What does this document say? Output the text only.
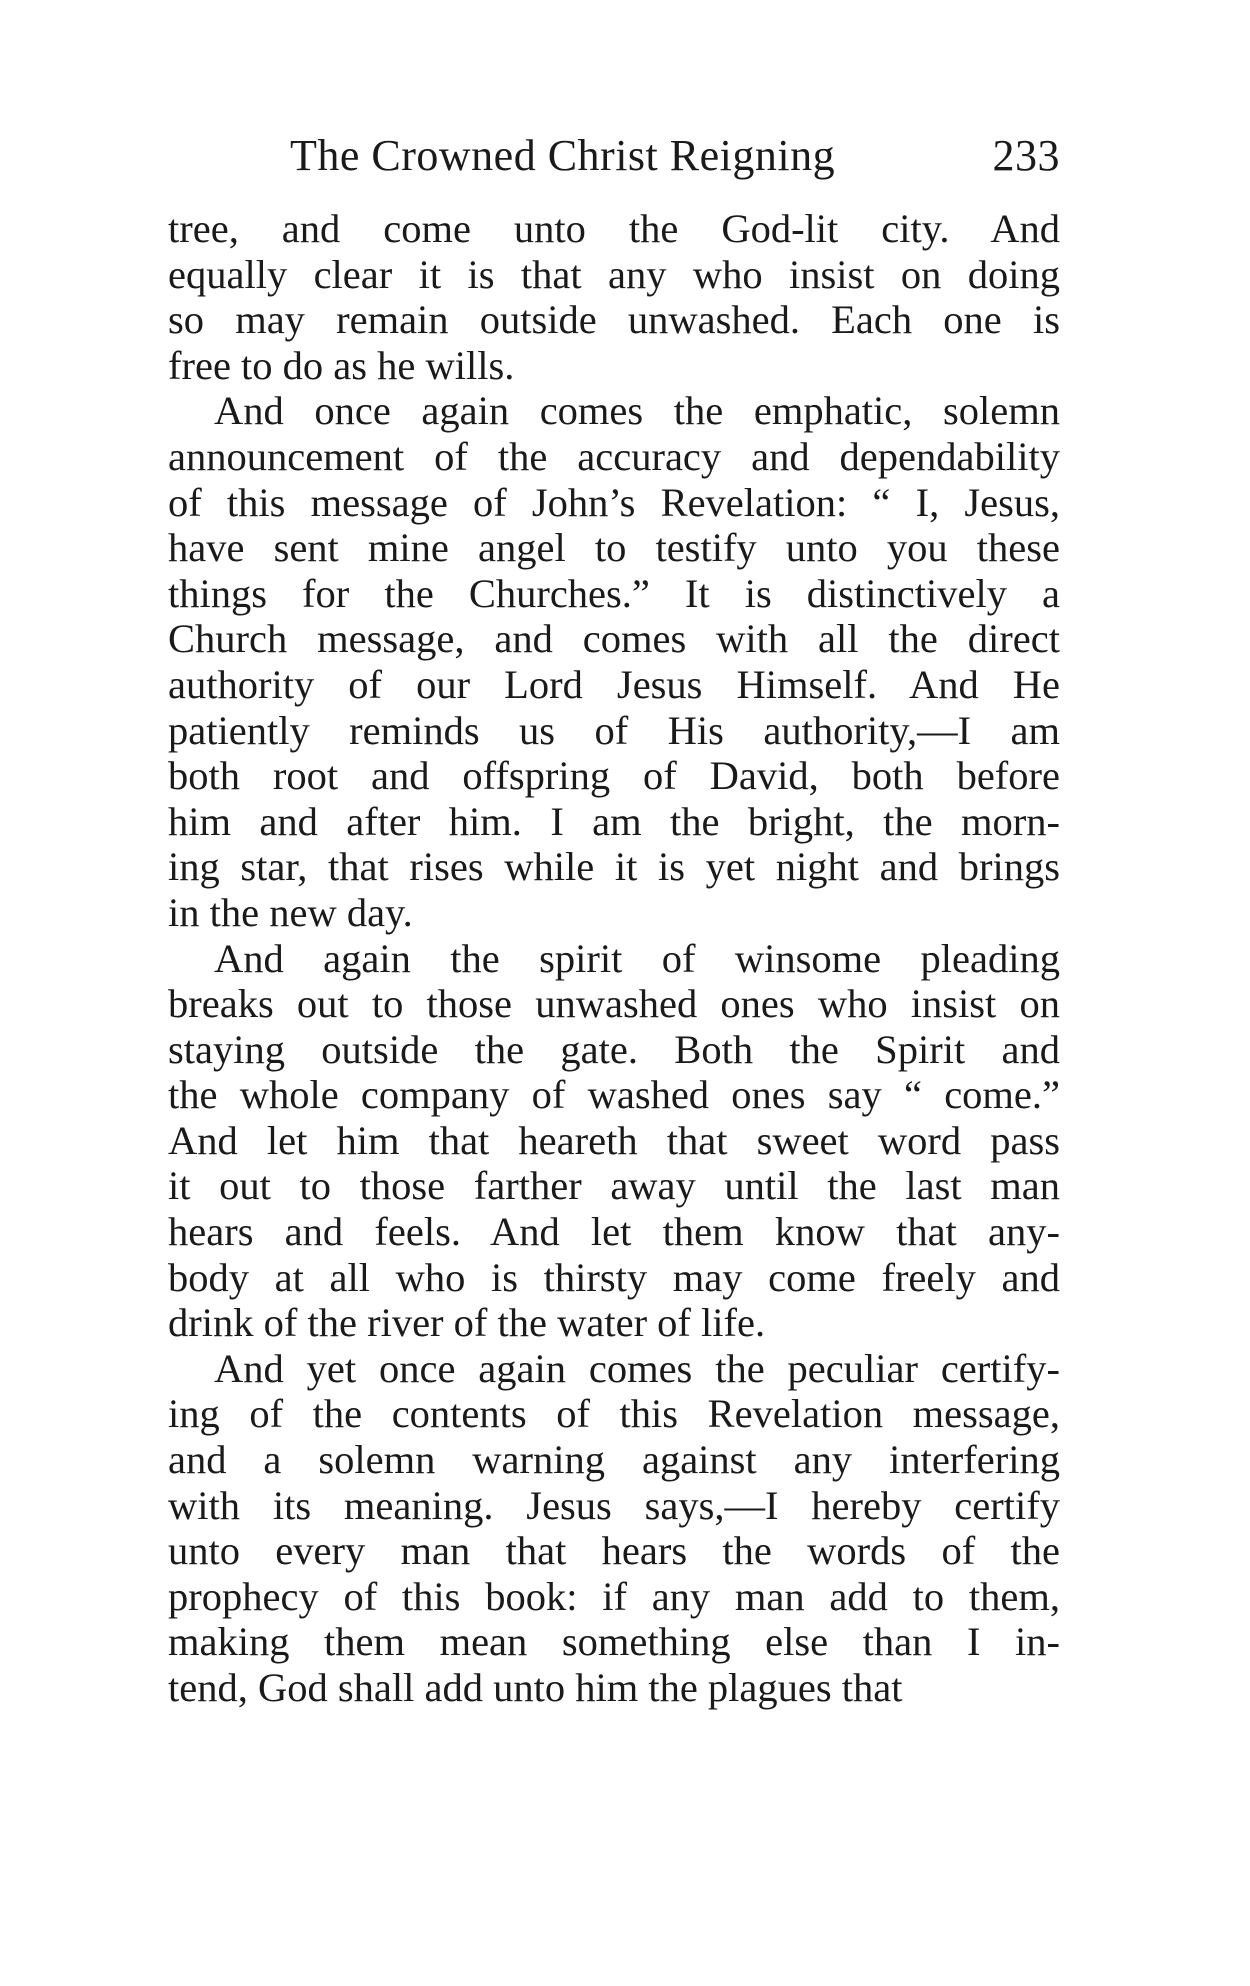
The Crowned Christ Reigning	233
tree, and come unto the God-lit city. And
equally clear it is that any who insist on doing
so may remain outside unwashed. Each one is
free to do as he wills.
And once again comes the emphatic, solemn
announcement of the accuracy and dependability
of this message of John’s Revelation: “ I, Jesus,
have sent mine angel to testify unto you these
things for the Churches.” It is distinctively a
Church message, and comes with all the direct
authority of our Lord Jesus Himself. And He
patiently reminds us of His authority,—I am
both root and offspring of David, both before
him and after him. I am the bright, the morn-
ing star, that rises while it is yet night and brings
in the new day.
And again the spirit of winsome pleading
breaks out to those unwashed ones who insist on
staying outside the gate. Both the Spirit and
the whole company of washed ones say “ come.”
And let him that heareth that sweet word pass
it out to those farther away until the last man
hears and feels. And let them know that any-
body at all who is thirsty may come freely and
drink of the river of the water of life.
And yet once again comes the peculiar certify-
ing of the contents of this Revelation message,
and a solemn warning against any interfering
with its meaning. Jesus says,—I hereby certify
unto every man that hears the words of the
prophecy of this book: if any man add to them,
making them mean something else than I in-
tend, God shall add unto him the plagues that
